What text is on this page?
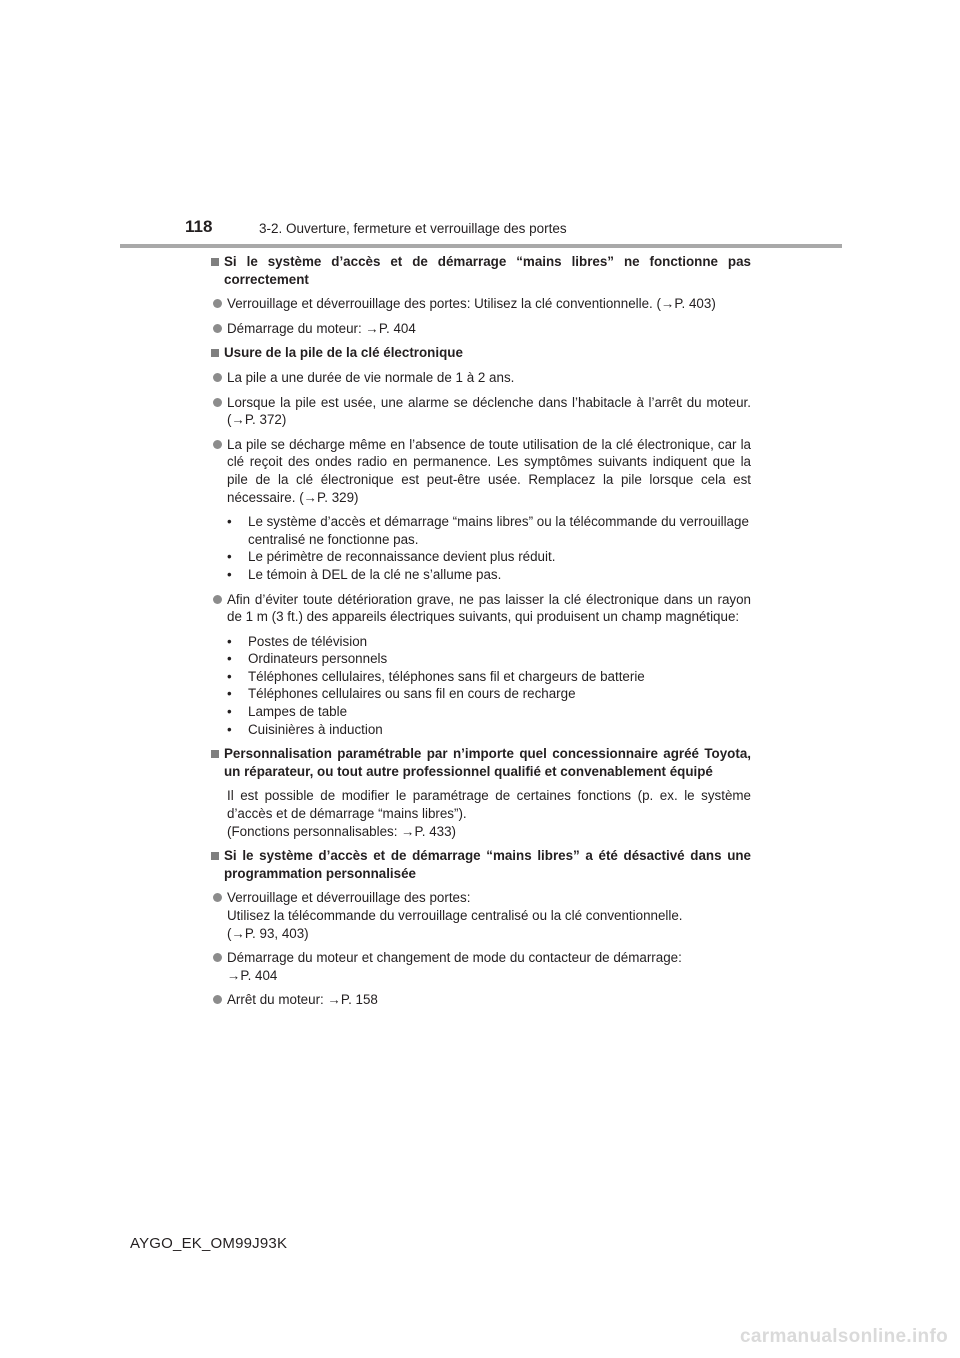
118	3-2. Ouverture, fermeture et verrouillage des portes
Si le système d’accès et de démarrage “mains libres” ne fonctionne pas correctement
Verrouillage et déverrouillage des portes: Utilisez la clé conventionnelle. (→P. 403)
Démarrage du moteur: →P. 404
Usure de la pile de la clé électronique
La pile a une durée de vie normale de 1 à 2 ans.
Lorsque la pile est usée, une alarme se déclenche dans l’habitacle à l’arrêt du moteur. (→P. 372)
La pile se décharge même en l’absence de toute utilisation de la clé électronique, car la clé reçoit des ondes radio en permanence. Les symptômes suivants indiquent que la pile de la clé électronique est peut-être usée. Remplacez la pile lorsque cela est nécessaire. (→P. 329)
• Le système d’accès et démarrage “mains libres” ou la télécommande du verrouillage centralisé ne fonctionne pas.
• Le périmètre de reconnaissance devient plus réduit.
• Le témoin à DEL de la clé ne s’allume pas.
Afin d’éviter toute détérioration grave, ne pas laisser la clé électronique dans un rayon de 1 m (3 ft.) des appareils électriques suivants, qui produisent un champ magnétique:
• Postes de télévision
• Ordinateurs personnels
• Téléphones cellulaires, téléphones sans fil et chargeurs de batterie
• Téléphones cellulaires ou sans fil en cours de recharge
• Lampes de table
• Cuisinières à induction
Personnalisation paramétrable par n’importe quel concessionnaire agréé Toyota, un réparateur, ou tout autre professionnel qualifié et convenablement équipé
Il est possible de modifier le paramétrage de certaines fonctions (p. ex. le système d’accès et de démarrage “mains libres”).
(Fonctions personnalisables: →P. 433)
Si le système d’accès et de démarrage “mains libres” a été désactivé dans une programmation personnalisée
Verrouillage et déverrouillage des portes:
Utilisez la télécommande du verrouillage centralisé ou la clé conventionnelle.
(→P. 93, 403)
Démarrage du moteur et changement de mode du contacteur de démarrage:
→P. 404
Arrêt du moteur: →P. 158
AYGO_EK_OM99J93K
carmanualsonline.info
